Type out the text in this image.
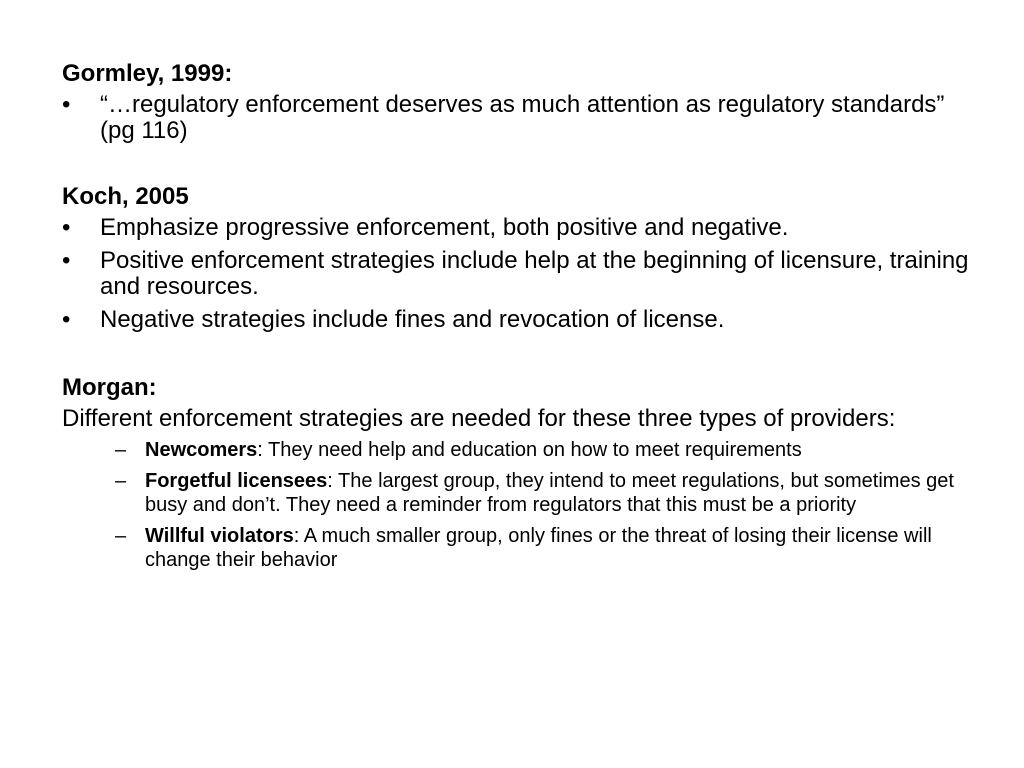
Gormley, 1999:
•	“…regulatory enforcement deserves as much attention as regulatory standards” (pg 116)
Koch, 2005
•	Emphasize progressive enforcement, both positive and negative.
•	Positive enforcement strategies include help at the beginning of licensure, training and resources.
•	Negative strategies include fines and revocation of license.
Morgan:

Different enforcement strategies are needed for these three types of providers:

– Newcomers: They need help and education on how to meet requirements
– Forgetful licensees: The largest group, they intend to meet regulations, but sometimes get busy and don’t. They need a reminder from regulators that this must be a priority
– Willful violators: A much smaller group, only fines or the threat of losing their license will change their behavior
